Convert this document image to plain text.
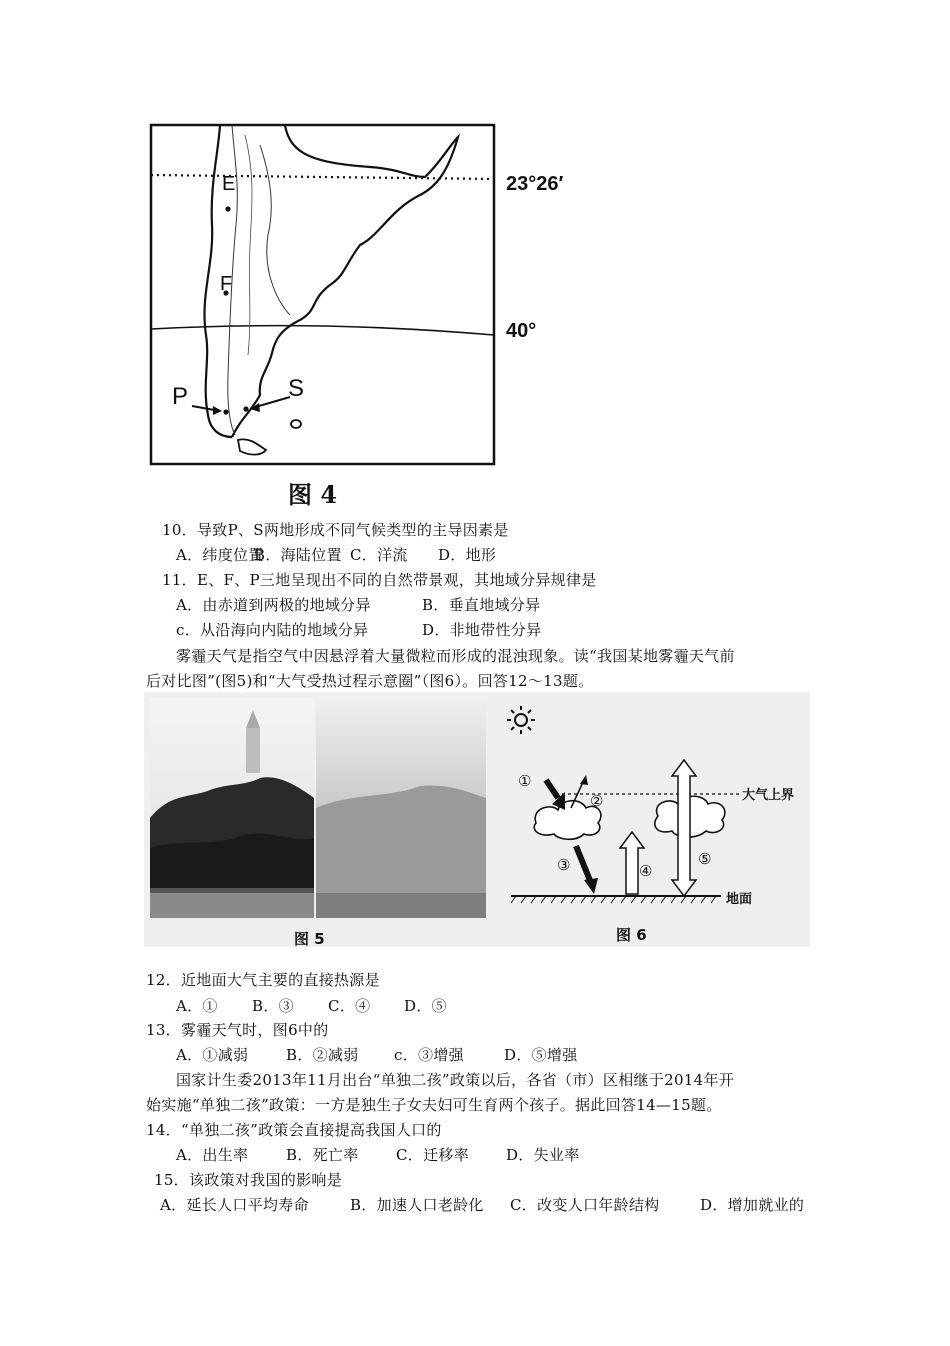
E
F
P	S
23°26′
40°
图 4
10．导致P、S两地形成不同气候类型的主导因素是
A．纬度位置B．海陆位置 C．洋流 D．地形
11．E、F、P三地呈现出不同的自然带景观，其地域分异规律是
A．由赤道到两极的地域分异	B．垂直地域分异
c．从沿海向内陆的地域分异	D．非地带性分异
雾霾天气是指空气中因悬浮着大量微粒而形成的混浊现象。读“我国某地雾霾天气前
后对比图”(图5)和“大气受热过程示意圈”（图6）。回答12～13题。
图 5
①
②
③	④
⑤
大气上界
地面
图 6
12．近地面大气主要的直接热源是
A．① B．③ C．④ D．⑤
13．雾霾天气时，图6中的
A．①减弱	B．②减弱 c．③增强	D．⑤增强
国家计生委2013年11月出台“单独二孩”政策以后，各省（市）区相继于2014年开
始实施“单独二孩”政策：一方是独生子女夫妇可生育两个孩子。据此回答14—15题。
14．“单独二孩”政策会直接提高我国人口的
A．出生率	B．死亡率 C．迁移率 D．失业率
15．该政策对我国的影响是
A．延长人口平均寿命	B．加速人口老龄化 C．改变人口年龄结构	D．增加就业的
